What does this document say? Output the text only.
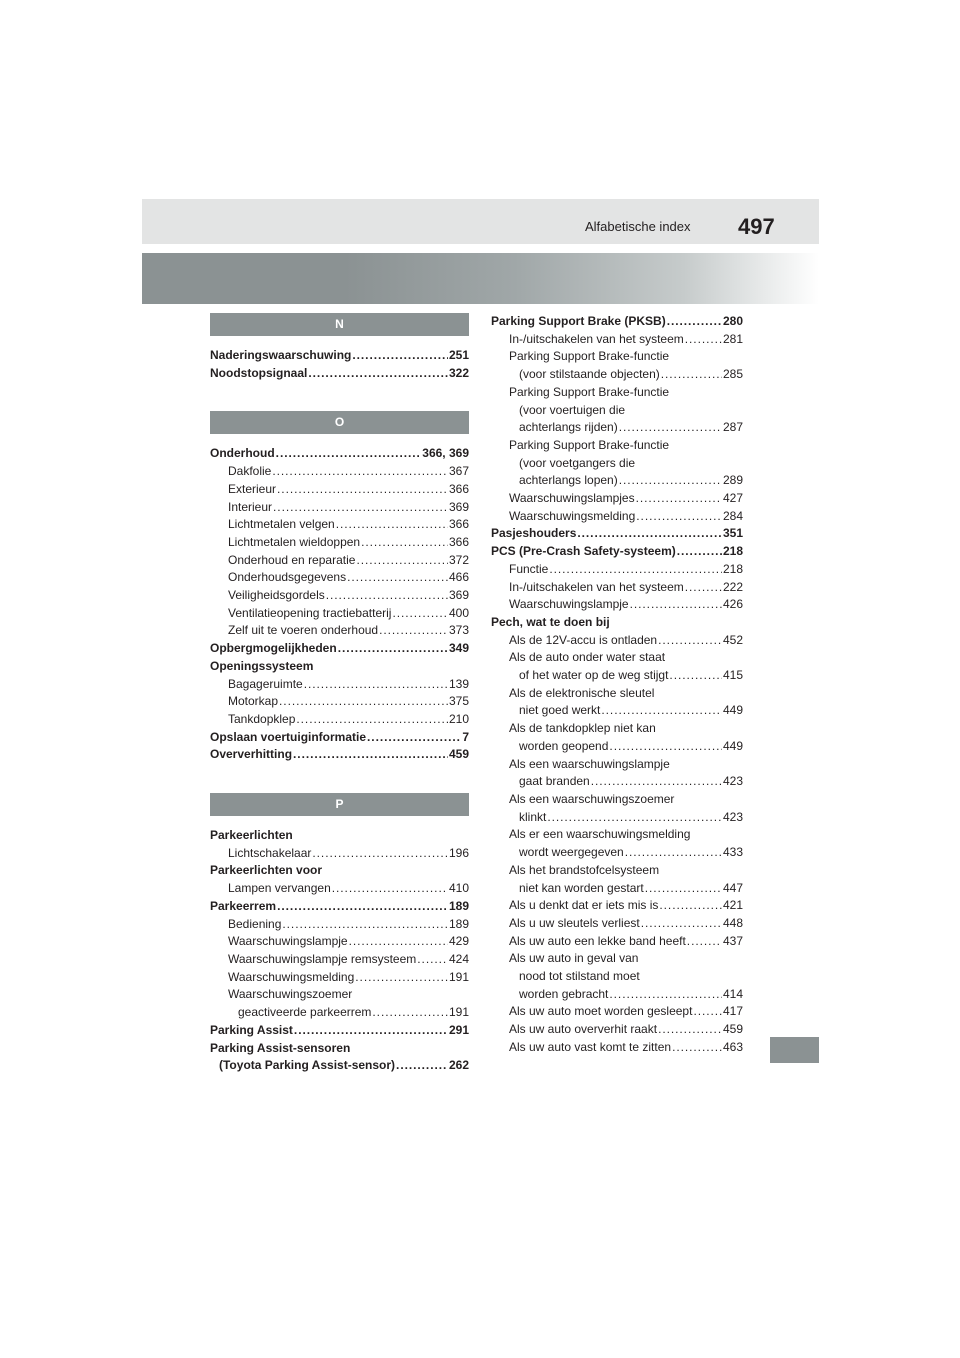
Alfabetische index 497
N
Naderingswaarschuwing . . .	251
Noodstopsignaal . . .	322
O
Onderhoud . . .	366, 369
Dakfolie . . .	367
Exterieur . . .	366
Interieur . . .	369
Lichtmetalen velgen . . .	366
Lichtmetalen wieldoppen . . .	366
Onderhoud en reparatie . . .	372
Onderhoudsgegevens . . .	466
Veiligheidsgordels . . .	369
Ventilatieopening tractiebatterij . . .	400
Zelf uit te voeren onderhoud . . .	373
Opbergmogelijkheden . . .	349
Openingssysteem
Bagageruimte . . .	139
Motorkap . . .	375
Tankdopklep . . .	210
Opslaan voertuiginformatie . . .	7
Oververhitting . . .	459
P
Parkeerlichten
Lichtschakelaar . . .	196
Parkeerlichten voor
Lampen vervangen . . .	410
Parkeerrem . . .	189
Bediening . . .	189
Waarschuwingslampje . . .	429
Waarschuwingslampje remsysteem . . .	424
Waarschuwingsmelding . . .	191
Waarschuwingszoemer
geactiveerde parkeerrem . . .	191
Parking Assist . . .	291
Parking Assist-sensoren
(Toyota Parking Assist-sensor) . . .	262
Parking Support Brake (PKSB) . . .	280
In-/uitschakelen van het systeem . . .	281
Parking Support Brake-functie
(voor stilstaande objecten) . . .	285
Parking Support Brake-functie
(voor voertuigen die
achterlangs rijden) . . .	287
Parking Support Brake-functie
(voor voetgangers die
achterlangs lopen) . . .	289
Waarschuwingslampjes . . .	427
Waarschuwingsmelding . . .	284
Pasjeshouders . . .	351
PCS (Pre-Crash Safety-systeem) . . .	218
Functie . . .	218
In-/uitschakelen van het systeem . . .	222
Waarschuwingslampje . . .	426
Pech, wat te doen bij
Als de 12V-accu is ontladen . . .	452
Als de auto onder water staat
of het water op de weg stijgt . . .	415
Als de elektronische sleutel
niet goed werkt . . .	449
Als de tankdopklep niet kan
worden geopend . . .	449
Als een waarschuwingslampje
gaat branden . . .	423
Als een waarschuwingszoemer
klinkt . . .	423
Als er een waarschuwingsmelding
wordt weergegeven . . .	433
Als het brandstofcelsysteem
niet kan worden gestart . . .	447
Als u denkt dat er iets mis is . . .	421
Als u uw sleutels verliest . . .	448
Als uw auto een lekke band heeft . . .	437
Als uw auto in geval van
nood tot stilstand moet
worden gebracht . . .	414
Als uw auto moet worden gesleept . . .	417
Als uw auto oververhit raakt . . .	459
Als uw auto vast komt te zitten . . .	463
